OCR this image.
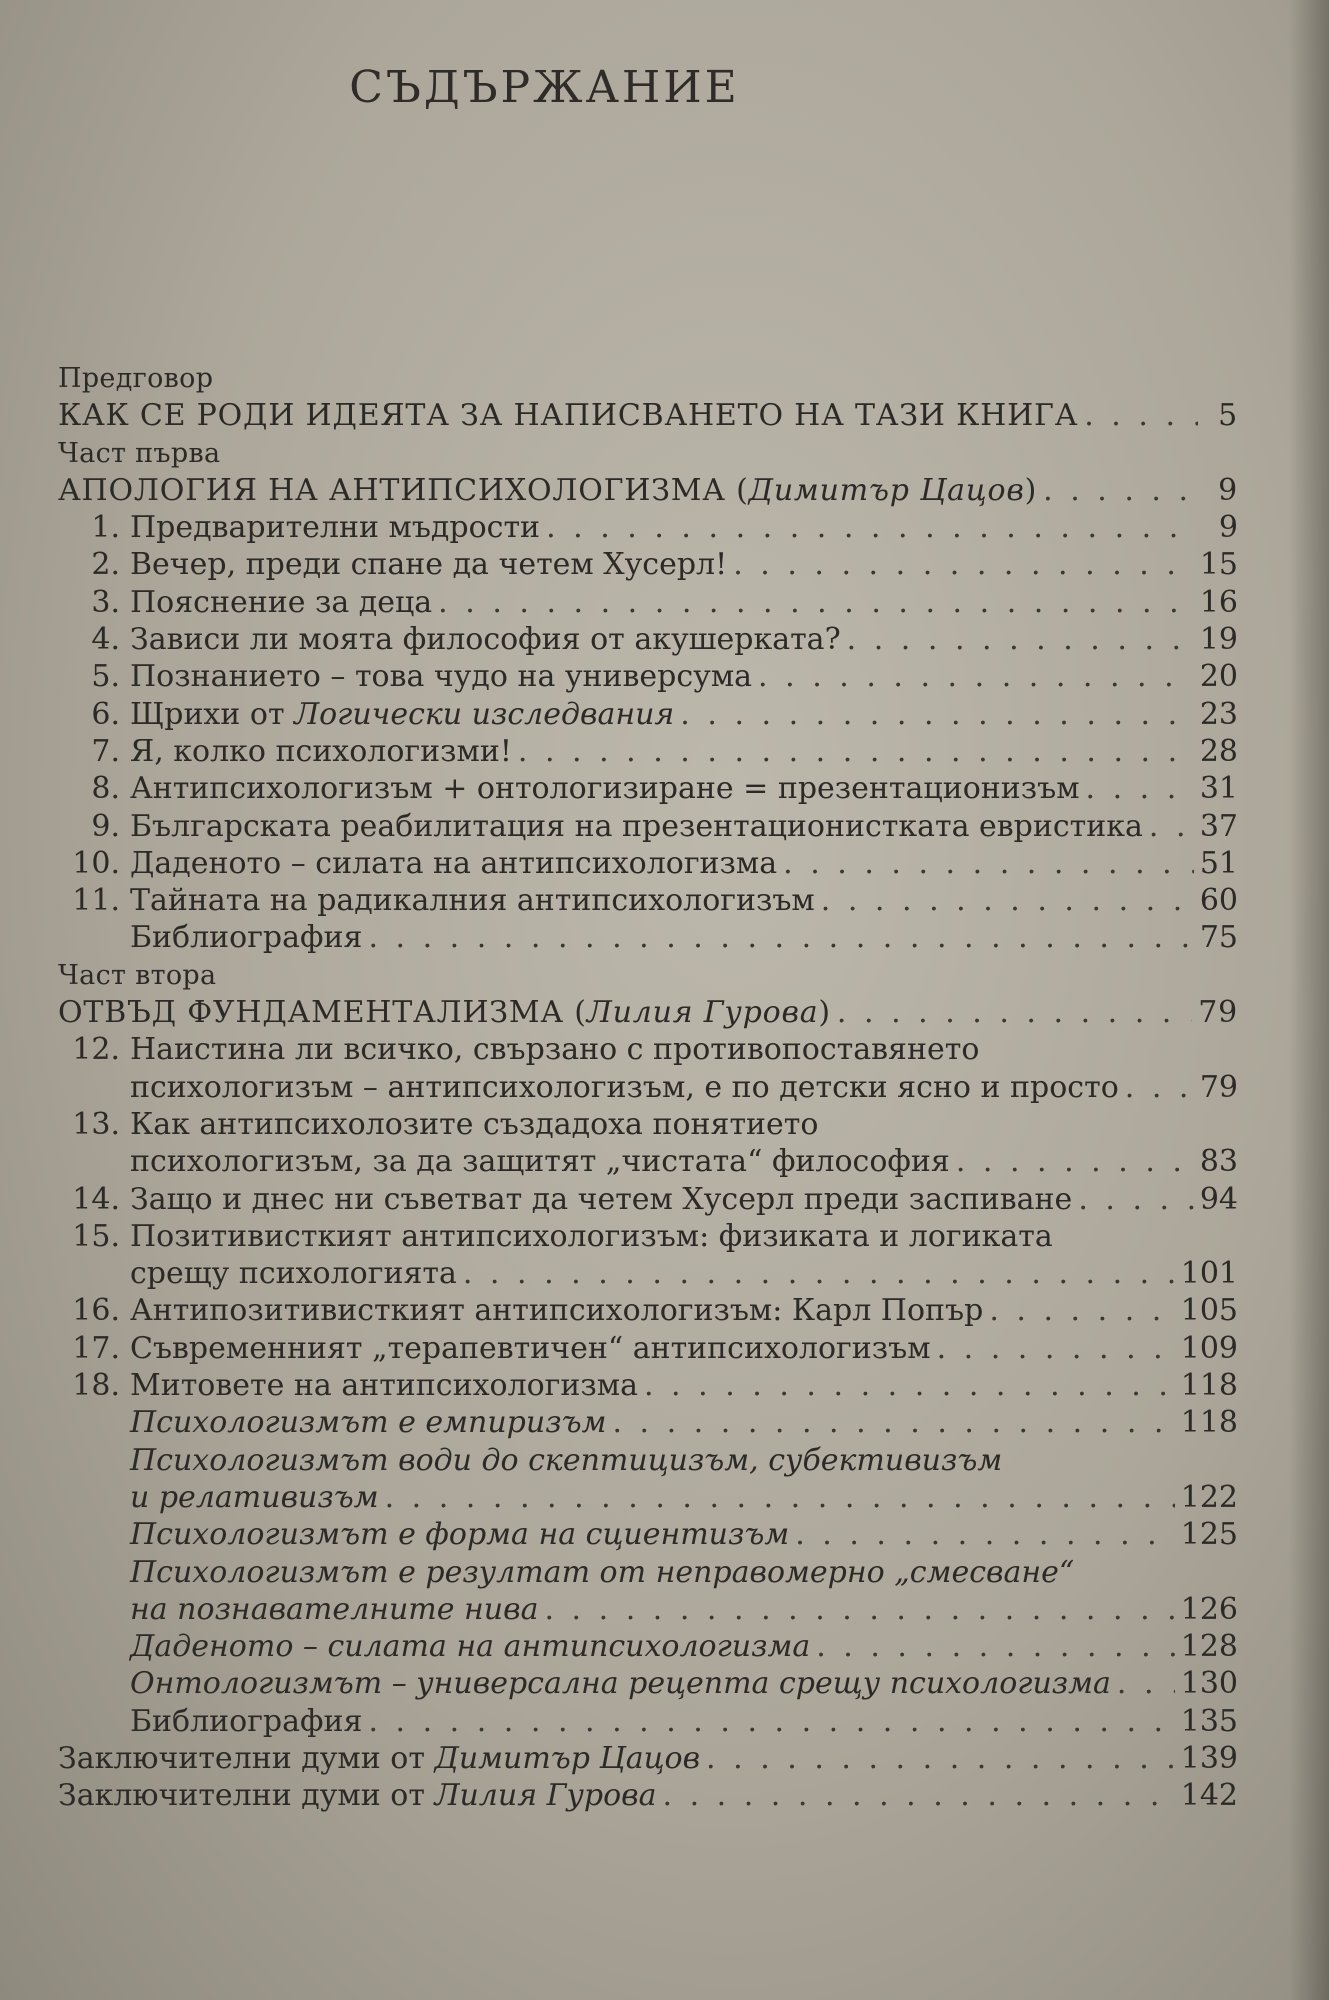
СЪДЪРЖАНИЕ
Предговор
КАК СЕ РОДИ ИДЕЯТА ЗА НАПИСВАНЕТО НА ТАЗИ КНИГА . . .	5
Част първа
АПОЛОГИЯ НА АНТИПСИХОЛОГИЗМА (Димитър Цацов) . . .	9
1. Предварителни мъдрости . . .	9
2. Вечер, преди спане да четем Хусерл! . . .	15
3. Пояснение за деца . . .	16
4. Зависи ли моята философия от акушерката? . . .	19
5. Познанието – това чудо на универсума . . .	20
6. Щрихи от Логически изследвания . . .	23
7. Я, колко психологизми! . . .	28
8. Антипсихологизъм + онтологизиране = презентационизъм . . .	31
9. Българската реабилитация на презентационистката евристика . . . 37
10. Даденото – силата на антипсихологизма . . .	51
11. Тайната на радикалния антипсихологизъм . . .	60
Библиография . . .	75
Част втора
ОТВЪД ФУНДАМЕНТАЛИЗМА (Лилия Гурова) . . .	79
12. Наистина ли всичко, свързано с противопоставянето
психологизъм – антипсихологизъм, е по детски ясно и просто . . .	79
13. Как антипсихолозите създадоха понятието
психологизъм, за да защитят „чистата“ философия . . .	83
14. Защо и днес ни съветват да четем Хусерл преди заспиване . . .	94
15. Позитивисткият антипсихологизъм: физиката и логиката
срещу психологията . . .	101
16. Антипозитивисткият антипсихологизъм: Карл Попър . . .	105
17. Съвременният „терапевтичен“ антипсихологизъм . . .	109
18. Митовете на антипсихологизма . . .	118
Психологизмът е емпиризъм . . .	118
Психологизмът води до скептицизъм, субективизъм
и релативизъм . . .	122
Психологизмът е форма на сциентизъм . . .	125
Психологизмът е резултат от неправомерно „смесване“
на познавателните нива . . .	126
Даденото – силата на антипсихологизма . . .	128
Онтологизмът – универсална рецепта срещу психологизма . . . 130
Библиография . . .	135
Заключителни думи от Димитър Цацов . . .	139
Заключителни думи от Лилия Гурова . . .	142
